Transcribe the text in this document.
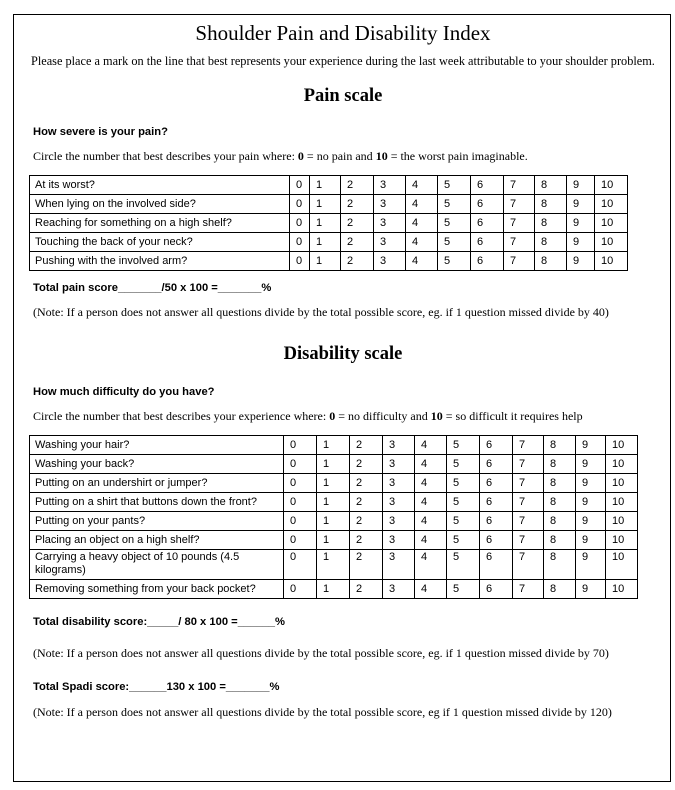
Shoulder Pain and Disability Index
Please place a mark on the line that best represents your experience during the last week attributable to your shoulder problem.
Pain scale
How severe is your pain?
Circle the number that best describes your pain where: 0 = no pain and 10 = the worst pain imaginable.
At its worst?	0	1	2	3	4	5	6	7	8	9	10
When lying on the involved side?	0	1	2	3	4	5	6	7	8	9	10
Reaching for something on a high shelf?	0	1	2	3	4	5	6	7	8	9	10
Touching the back of your neck?	0	1	2	3	4	5	6	7	8	9	10
Pushing with the involved arm?	0	1	2	3	4	5	6	7	8	9	10
Total pain score_______/50 x 100 =_______%
(Note: If a person does not answer all questions divide by the total possible score, eg. if 1 question missed divide by 40)
Disability scale
How much difficulty do you have?
Circle the number that best describes your experience where: 0 = no difficulty and 10 = so difficult it requires help
Washing your hair?	0	1	2	3	4	5	6	7	8	9	10
Washing your back?	0	1	2	3	4	5	6	7	8	9	10
Putting on an undershirt or jumper?	0	1	2	3	4	5	6	7	8	9	10
Putting on a shirt that buttons down the front?	0	1	2	3	4	5	6	7	8	9	10
Putting on your pants?	0	1	2	3	4	5	6	7	8	9	10
Placing an object on a high shelf?	0	1	2	3	4	5	6	7	8	9	10
Carrying a heavy object of 10 pounds (4.5 kilograms)	0	1	2	3	4	5	6	7	8	9	10
Removing something from your back pocket?	0	1	2	3	4	5	6	7	8	9	10
Total disability score:_____/ 80 x 100 =______%
(Note: If a person does not answer all questions divide by the total possible score, eg. if 1 question missed divide by 70)
Total Spadi score:______130 x 100 =_______%
(Note: If a person does not answer all questions divide by the total possible score, eg if 1 question missed divide by 120)
